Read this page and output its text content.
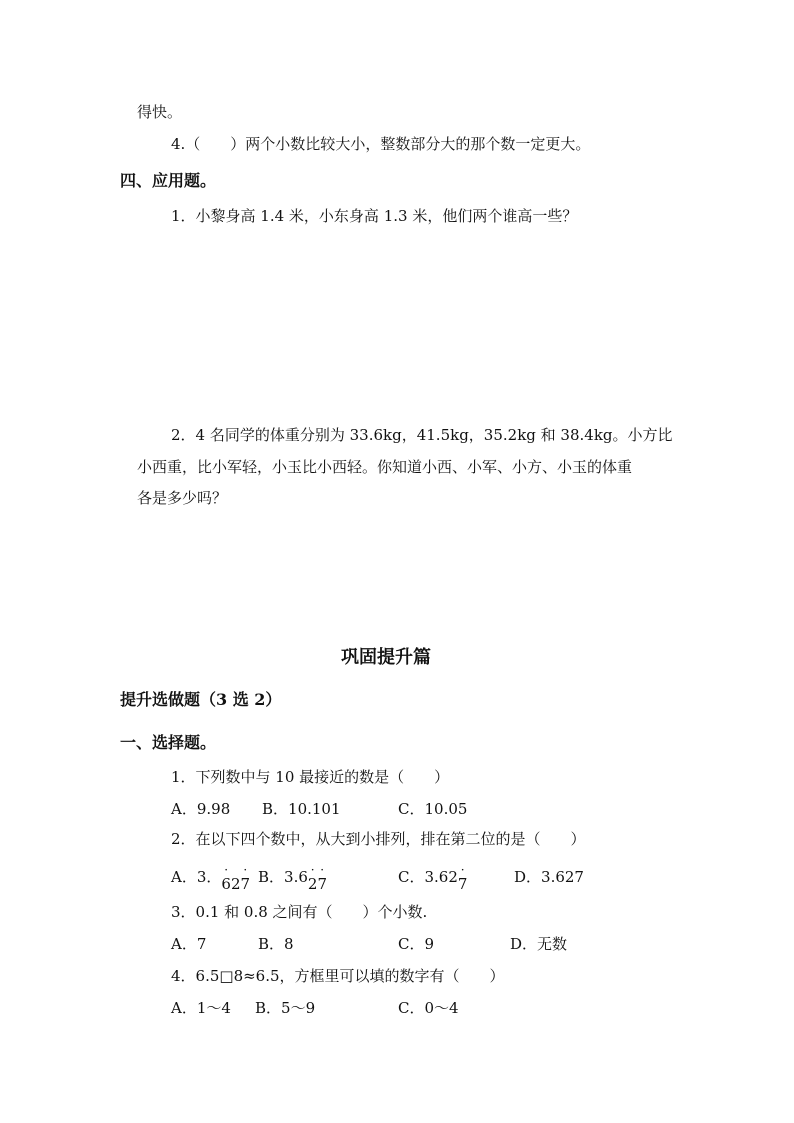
得快。
4.（　　）两个小数比较大小，整数部分大的那个数一定更大。
四、应用题。
1．小黎身高 1.4 米，小东身高 1.3 米，他们两个谁高一些？
2．4 名同学的体重分别为 33.6kg，41.5kg，35.2kg 和 38.4kg。小方比
小西重，比小军轻，小玉比小西轻。你知道小西、小军、小方、小玉的体重
各是多少吗？
巩固提升篇
提升选做题（3 选 2）
一、选择题。
1．下列数中与 10 最接近的数是（　　）
A．9.98 B．10.101	C．10.05
2．在以下四个数中，从大到小排列，排在第二位的是（　　）
A．3． ·
62
·
7 B．3.6 ·
2
·
7	C．3.62 ·
7	D．3.627
3．0.1 和 0.8 之间有（　　）个小数.
A．7	B．8	C．9	D．无数
4．6.5□8≈6.5，方框里可以填的数字有（　　）
A．1～4 B．5～9	C．0～4
